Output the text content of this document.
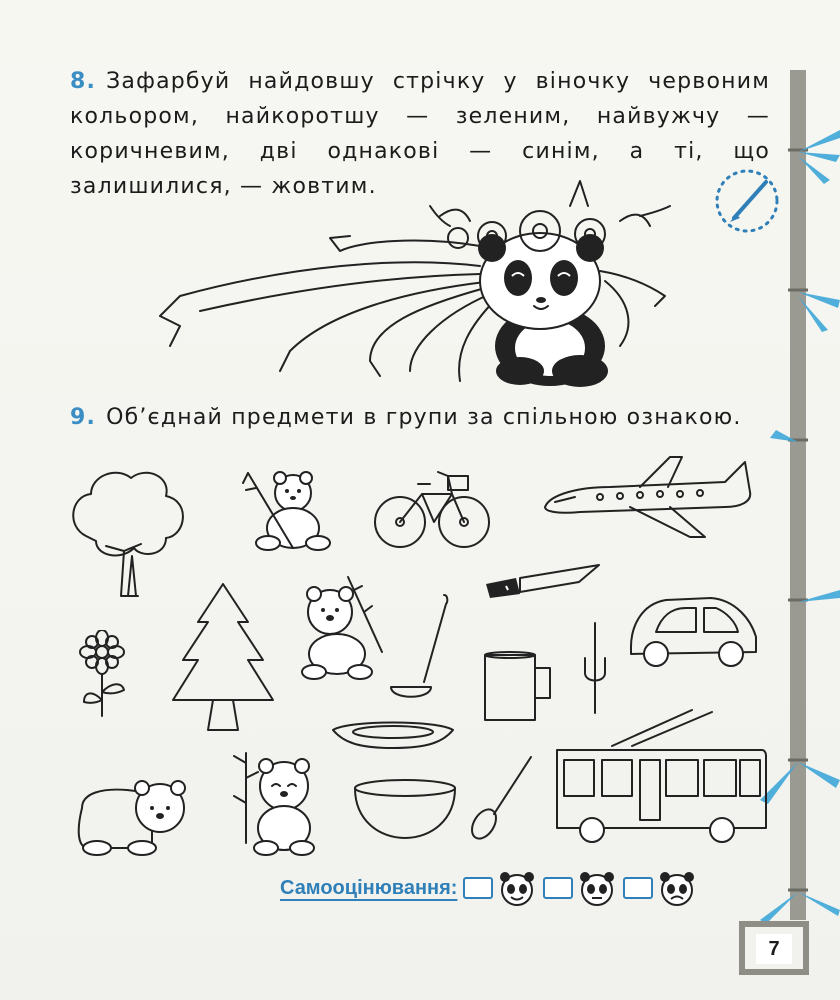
8. Зафарбуй найдовшу стрічку у віночку червоним кольором, найкоротшу — зеленим, найвужчу — коричневим, дві однакові — синім, а ті, що залишилися, — жовтим.
9. Об’єднай предмети в групи за спільною ознакою.
Самооцінювання:
7
